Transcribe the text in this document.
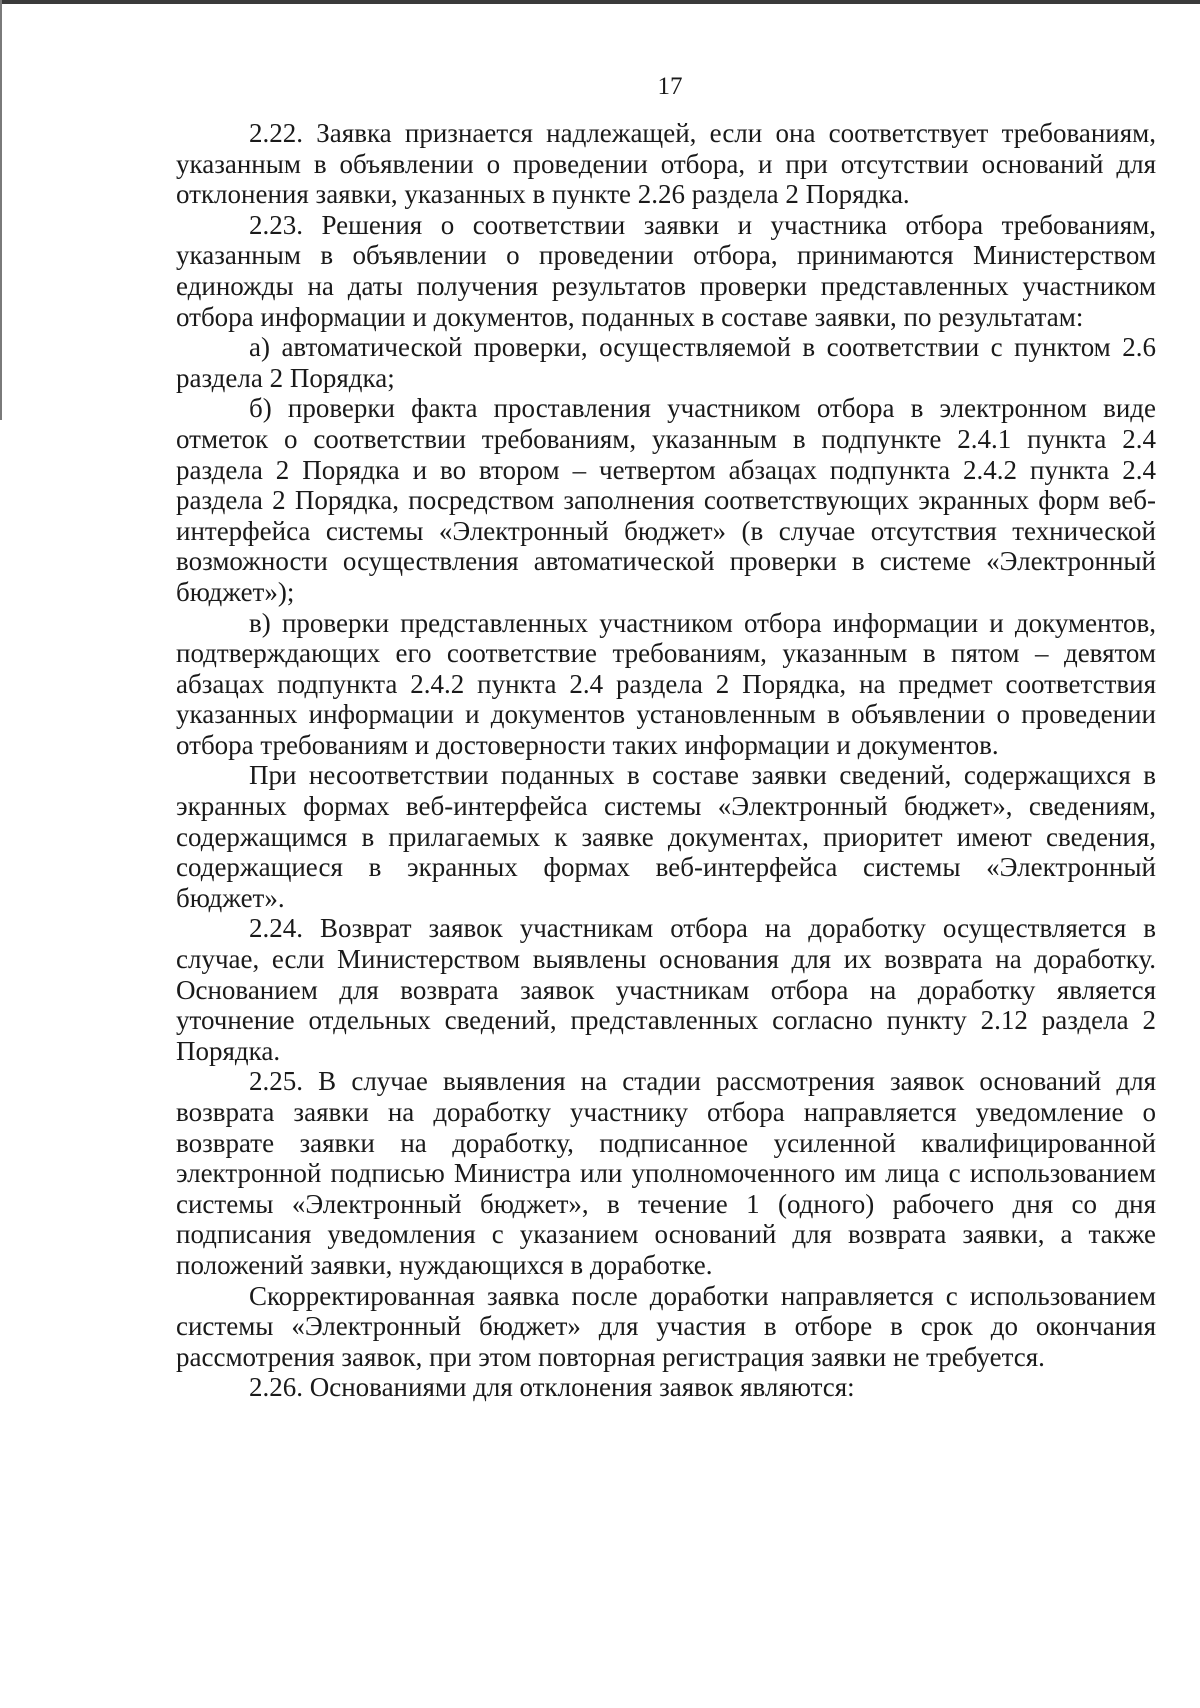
17

2.22. Заявка признается надлежащей, если она соответствует требованиям, указанным в объявлении о проведении отбора, и при отсутствии оснований для отклонения заявки, указанных в пункте 2.26 раздела 2 Порядка.

2.23. Решения о соответствии заявки и участника отбора требованиям, указанным в объявлении о проведении отбора, принимаются Министерством единожды на даты получения результатов проверки представленных участником отбора информации и документов, поданных в составе заявки, по результатам:

а) автоматической проверки, осуществляемой в соответствии с пунктом 2.6 раздела 2 Порядка;

б) проверки факта проставления участником отбора в электронном виде отметок о соответствии требованиям, указанным в подпункте 2.4.1 пункта 2.4 раздела 2 Порядка и во втором – четвертом абзацах подпункта 2.4.2 пункта 2.4 раздела 2 Порядка, посредством заполнения соответствующих экранных форм веб-интерфейса системы «Электронный бюджет» (в случае отсутствия технической возможности осуществления автоматической проверки в системе «Электронный бюджет»);

в) проверки представленных участником отбора информации и документов, подтверждающих его соответствие требованиям, указанным в пятом – девятом абзацах подпункта 2.4.2 пункта 2.4 раздела 2 Порядка, на предмет соответствия указанных информации и документов установленным в объявлении о проведении отбора требованиям и достоверности таких информации и документов.

При несоответствии поданных в составе заявки сведений, содержащихся в экранных формах веб-интерфейса системы «Электронный бюджет», сведениям, содержащимся в прилагаемых к заявке документах, приоритет имеют сведения, содержащиеся в экранных формах веб-интерфейса системы «Электронный бюджет».

2.24. Возврат заявок участникам отбора на доработку осуществляется в случае, если Министерством выявлены основания для их возврата на доработку. Основанием для возврата заявок участникам отбора на доработку является уточнение отдельных сведений, представленных согласно пункту 2.12 раздела 2 Порядка.

2.25. В случае выявления на стадии рассмотрения заявок оснований для возврата заявки на доработку участнику отбора направляется уведомление о возврате заявки на доработку, подписанное усиленной квалифицированной электронной подписью Министра или уполномоченного им лица с использованием системы «Электронный бюджет», в течение 1 (одного) рабочего дня со дня подписания уведомления с указанием оснований для возврата заявки, а также положений заявки, нуждающихся в доработке.

Скорректированная заявка после доработки направляется с использованием системы «Электронный бюджет» для участия в отборе в срок до окончания рассмотрения заявок, при этом повторная регистрация заявки не требуется.

2.26. Основаниями для отклонения заявок являются:
